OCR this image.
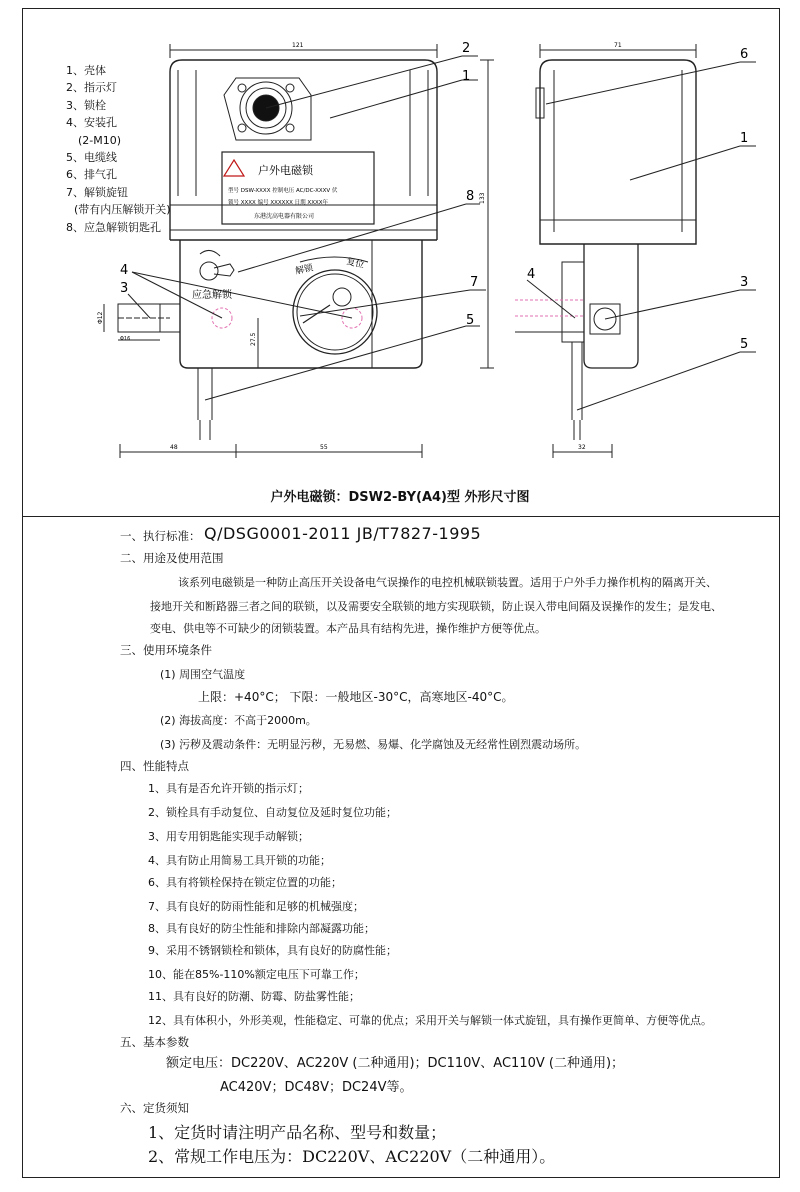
1、壳体
2、指示灯
3、锁栓
4、安装孔
(2-M10)
5、电缆线
6、排气孔
7、解锁旋钮
(带有内压解锁开关)
8、应急解锁钥匙孔
户外电磁锁
型号 DSW-XXXX 控制电压 AC/DC-XXXV 伏
锁号 XXXX 编号 XXXXXX 日期 XXXX年
东港沈高电器有限公司
应急解锁
解锁	复位
2
1
8
4
3	7
5
6
1
4
3
5
121	71
133
48	55	32
27.5
Φ12
Φ16
户外电磁锁：DSW2-BY(A4)型 外形尺寸图
一、执行标准： Q/DSG0001-2011 JB/T7827-1995
二、用途及使用范围
该系列电磁锁是一种防止高压开关设备电气误操作的电控机械联锁装置。适用于户外手力操作机构的隔离开关、
接地开关和断路器三者之间的联锁，以及需要安全联锁的地方实现联锁，防止误入带电间隔及误操作的发生；是发电、
变电、供电等不可缺少的闭锁装置。本产品具有结构先进，操作维护方便等优点。
三、使用环境条件
(1) 周围空气温度
上限：+40°C； 下限：一般地区-30°C，高寒地区-40°C。
(2) 海拔高度：不高于2000m。
(3) 污秽及震动条件：无明显污秽，无易燃、易爆、化学腐蚀及无经常性剧烈震动场所。
四、性能特点
1、具有是否允许开锁的指示灯；
2、锁栓具有手动复位、自动复位及延时复位功能；
3、用专用钥匙能实现手动解锁；
4、具有防止用简易工具开锁的功能；
6、具有将锁栓保持在锁定位置的功能；
7、具有良好的防雨性能和足够的机械强度；
8、具有良好的防尘性能和排除内部凝露功能；
9、采用不锈钢锁栓和锁体，具有良好的防腐性能；
10、能在85%-110%额定电压下可靠工作；
11、具有良好的防潮、防霉、防盐雾性能；
12、具有体积小，外形美观，性能稳定、可靠的优点；采用开关与解锁一体式旋钮，具有操作更简单、方便等优点。
五、基本参数
额定电压：DC220V、AC220V (二种通用)；DC110V、AC110V (二种通用)；
AC420V；DC48V；DC24V等。
六、定货须知
1、定货时请注明产品名称、型号和数量；
2、常规工作电压为：DC220V、AC220V（二种通用）。
